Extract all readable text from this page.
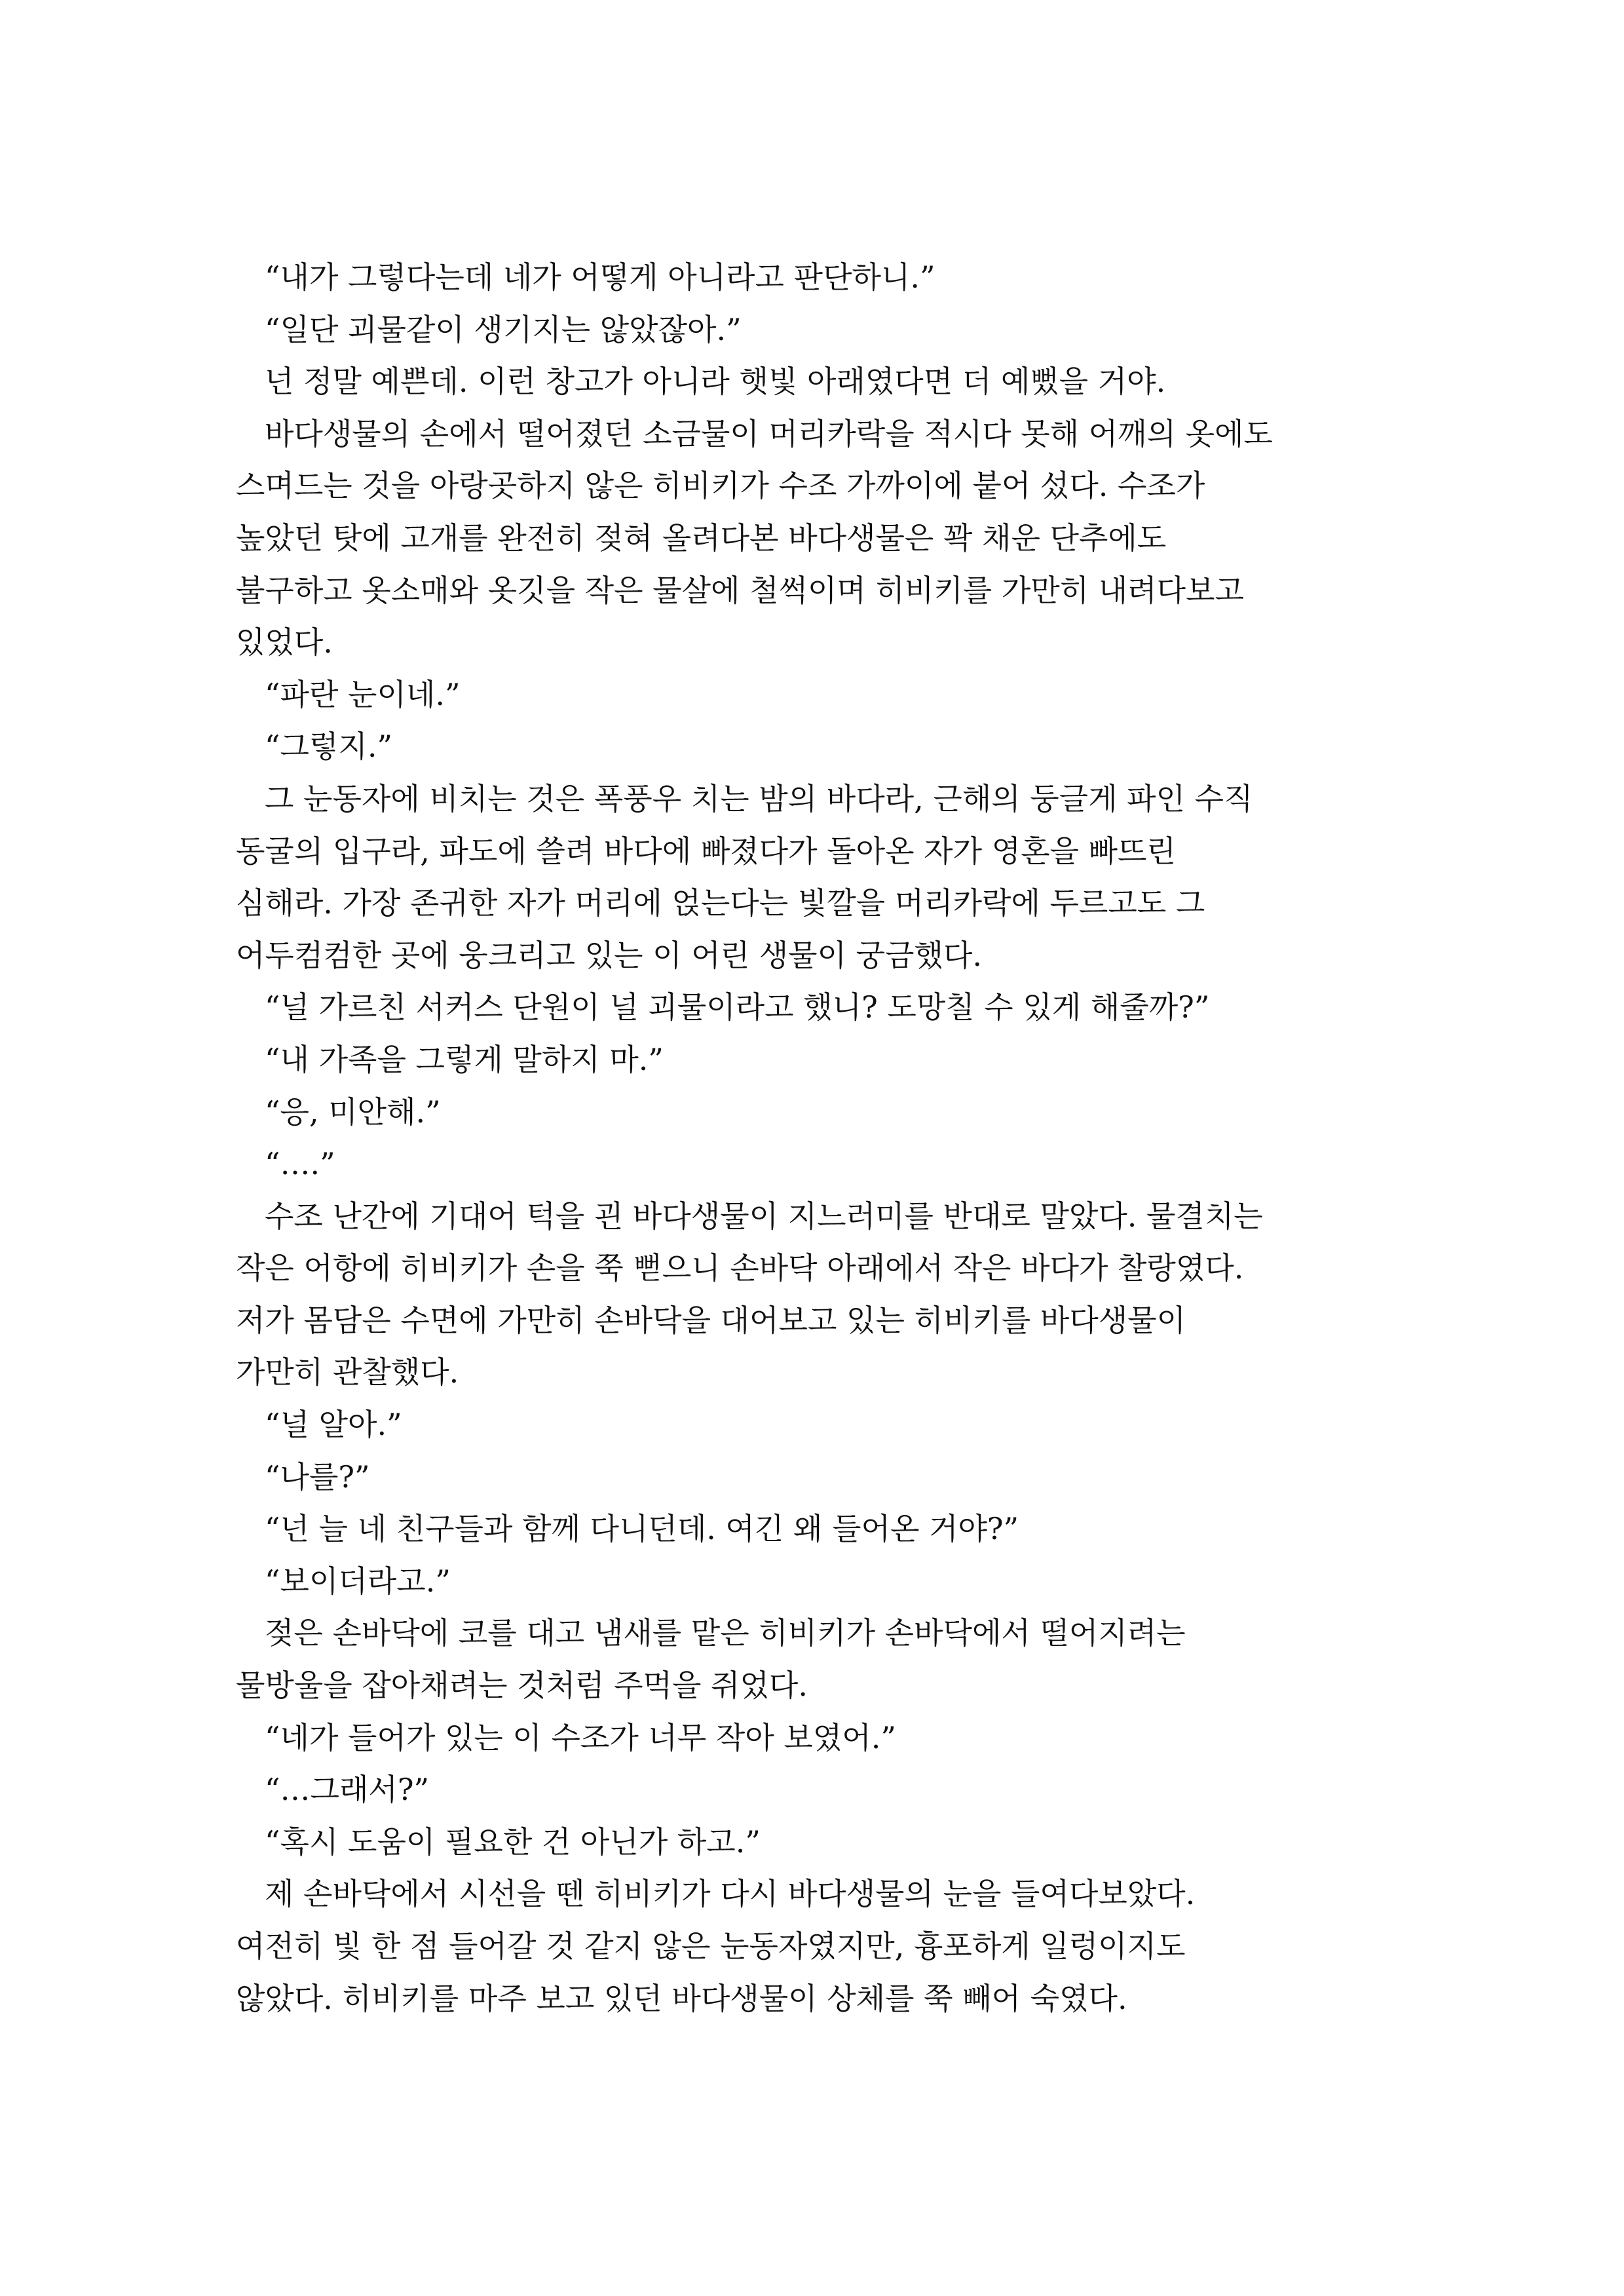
“내가 그렇다는데 네가 어떻게 아니라고 판단하니.”
“일단 괴물같이 생기지는 않았잖아.”
넌 정말 예쁜데. 이런 창고가 아니라 햇빛 아래였다면 더 예뻤을 거야.
바다생물의 손에서 떨어졌던 소금물이 머리카락을 적시다 못해 어깨의 옷에도
스며드는 것을 아랑곳하지 않은 히비키가 수조 가까이에 붙어 섰다. 수조가
높았던 탓에 고개를 완전히 젖혀 올려다본 바다생물은 꽉 채운 단추에도
불구하고 옷소매와 옷깃을 작은 물살에 철썩이며 히비키를 가만히 내려다보고
있었다.
“파란 눈이네.”
“그렇지.”
그 눈동자에 비치는 것은 폭풍우 치는 밤의 바다라, 근해의 둥글게 파인 수직
동굴의 입구라, 파도에 쓸려 바다에 빠졌다가 돌아온 자가 영혼을 빠뜨린
심해라. 가장 존귀한 자가 머리에 얹는다는 빛깔을 머리카락에 두르고도 그
어두컴컴한 곳에 웅크리고 있는 이 어린 생물이 궁금했다.
“널 가르친 서커스 단원이 널 괴물이라고 했니? 도망칠 수 있게 해줄까?”
“내 가족을 그렇게 말하지 마.”
“응, 미안해.”
“….”
수조 난간에 기대어 턱을 괸 바다생물이 지느러미를 반대로 말았다. 물결치는
작은 어항에 히비키가 손을 쭉 뻗으니 손바닥 아래에서 작은 바다가 찰랑였다.
저가 몸담은 수면에 가만히 손바닥을 대어보고 있는 히비키를 바다생물이
가만히 관찰했다.
“널 알아.”
“나를?”
“넌 늘 네 친구들과 함께 다니던데. 여긴 왜 들어온 거야?”
“보이더라고.”
젖은 손바닥에 코를 대고 냄새를 맡은 히비키가 손바닥에서 떨어지려는
물방울을 잡아채려는 것처럼 주먹을 쥐었다.
“네가 들어가 있는 이 수조가 너무 작아 보였어.”
“…그래서?”
“혹시 도움이 필요한 건 아닌가 하고.”
제 손바닥에서 시선을 뗀 히비키가 다시 바다생물의 눈을 들여다보았다.
여전히 빛 한 점 들어갈 것 같지 않은 눈동자였지만, 흉포하게 일렁이지도
않았다. 히비키를 마주 보고 있던 바다생물이 상체를 쭉 빼어 숙였다.
